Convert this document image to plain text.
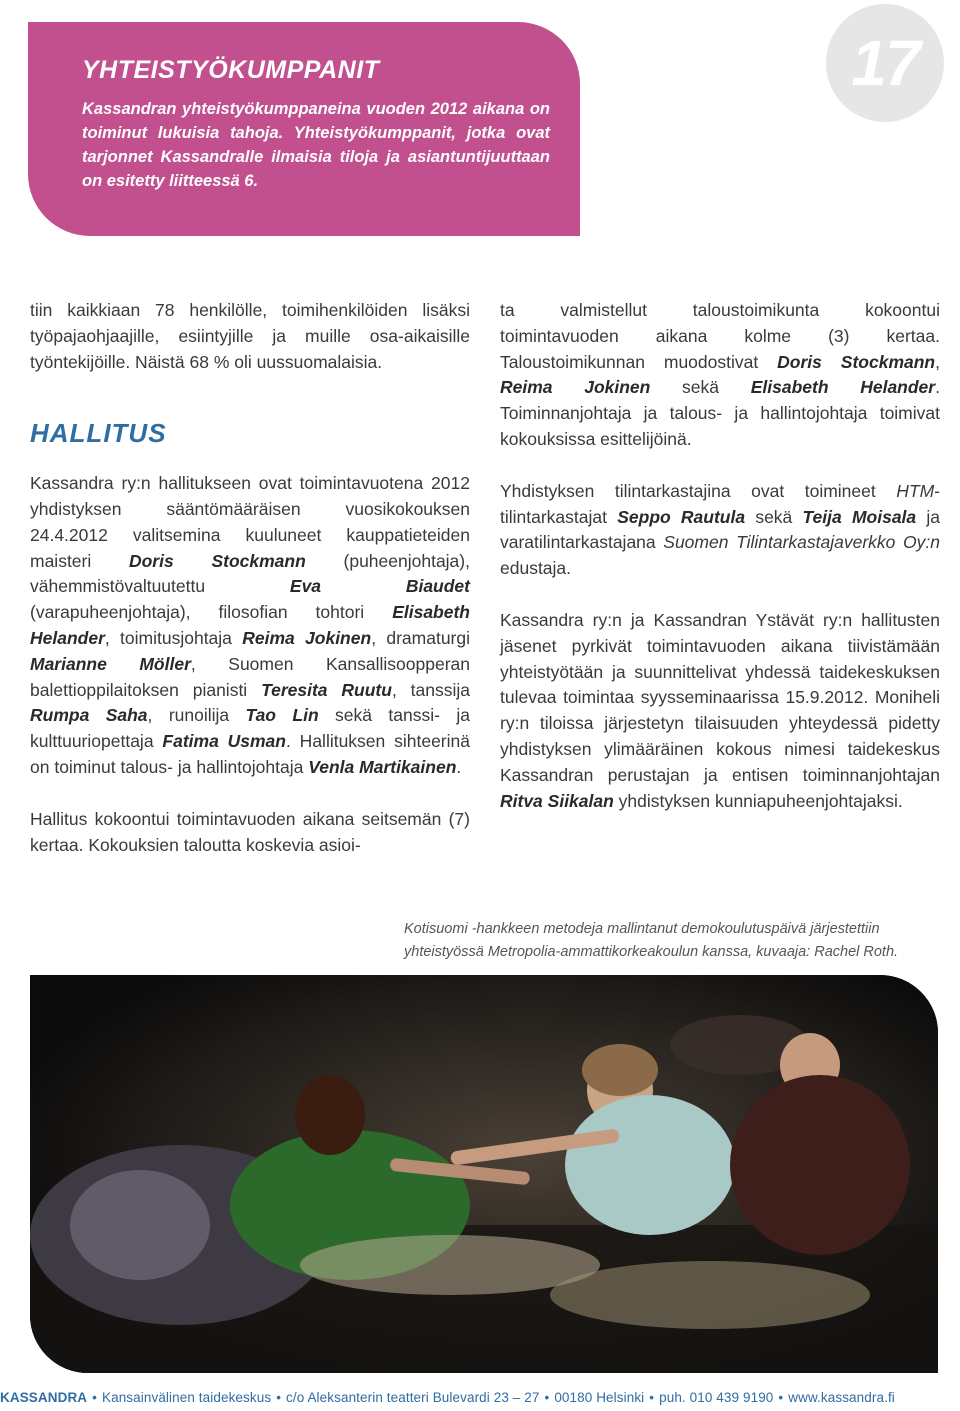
17
YHTEISTYÖKUMPPANIT

Kassandran yhteistyökumppaneina vuoden 2012 aikana on toiminut lukuisia tahoja. Yhteistyökumppanit, jotka ovat tarjonnet Kassandralle ilmaisia tiloja ja asiantuntijuuttaan on esitetty liitteessä 6.

tiin kaikkiaan 78 henkilölle, toimihenkilöiden lisäksi työpajaohjaajille, esiintyjille ja muille osa-aikaisille työntekijöille. Näistä 68 % oli uussuomalaisia.

HALLITUS

Kassandra ry:n hallitukseen ovat toimintavuotena 2012 yhdistyksen sääntömääräisen vuosikokouksen 24.4.2012 valitsemina kuuluneet kauppatieteiden maisteri Doris Stockmann (puheenjohtaja), vähemmistövaltuutettu Eva Biaudet (varapuheenjohtaja), filosofian tohtori Elisabeth Helander, toimitusjohtaja Reima Jokinen, dramaturgi Marianne Möller, Suomen Kansallisoopperan balettioppilaitoksen pianisti Teresita Ruutu, tanssija Rumpa Saha, runoilija Tao Lin sekä tanssi- ja kulttuuriopettaja Fatima Usman. Hallituksen sihteerinä on toiminut talous- ja hallintojohtaja Venla Martikainen.

Hallitus kokoontui toimintavuoden aikana seitsemän (7) kertaa. Kokouksien taloutta koskevia asioi-

ta valmistellut taloustoimikunta kokoontui toimintavuoden aikana kolme (3) kertaa. Taloustoimikunnan muodostivat Doris Stockmann, Reima Jokinen sekä Elisabeth Helander. Toiminnanjohtaja ja talous- ja hallintojohtaja toimivat kokouksissa esittelijöinä.

Yhdistyksen tilintarkastajina ovat toimineet HTM-tilintarkastajat Seppo Rautula sekä Teija Moisala ja varatilintarkastajana Suomen Tilintarkastajaverkko Oy:n edustaja.

Kassandra ry:n ja Kassandran Ystävät ry:n hallitusten jäsenet pyrkivät toimintavuoden aikana tiivistämään yhteistyötään ja suunnittelivat yhdessä taidekeskuksen tulevaa toimintaa syysseminaarissa 15.9.2012. Moniheli ry:n tiloissa järjestetyn tilaisuuden yhteydessä pidetty yhdistyksen ylimääräinen kokous nimesi taidekeskus Kassandran perustajan ja entisen toiminnanjohtajan Ritva Siikalan yhdistyksen kunniapuheenjohtajaksi.

Kotisuomi -hankkeen metodeja mallintanut demokoulutuspäivä järjestettiin
yhteistyössä Metropolia-ammattikorkeakoulun kanssa, kuvaaja: Rachel Roth.
KASSANDRA • Kansainvälinen taidekeskus • c/o Aleksanterin teatteri Bulevardi 23 – 27 • 00180 Helsinki • puh. 010 439 9190 • www.kassandra.fi
